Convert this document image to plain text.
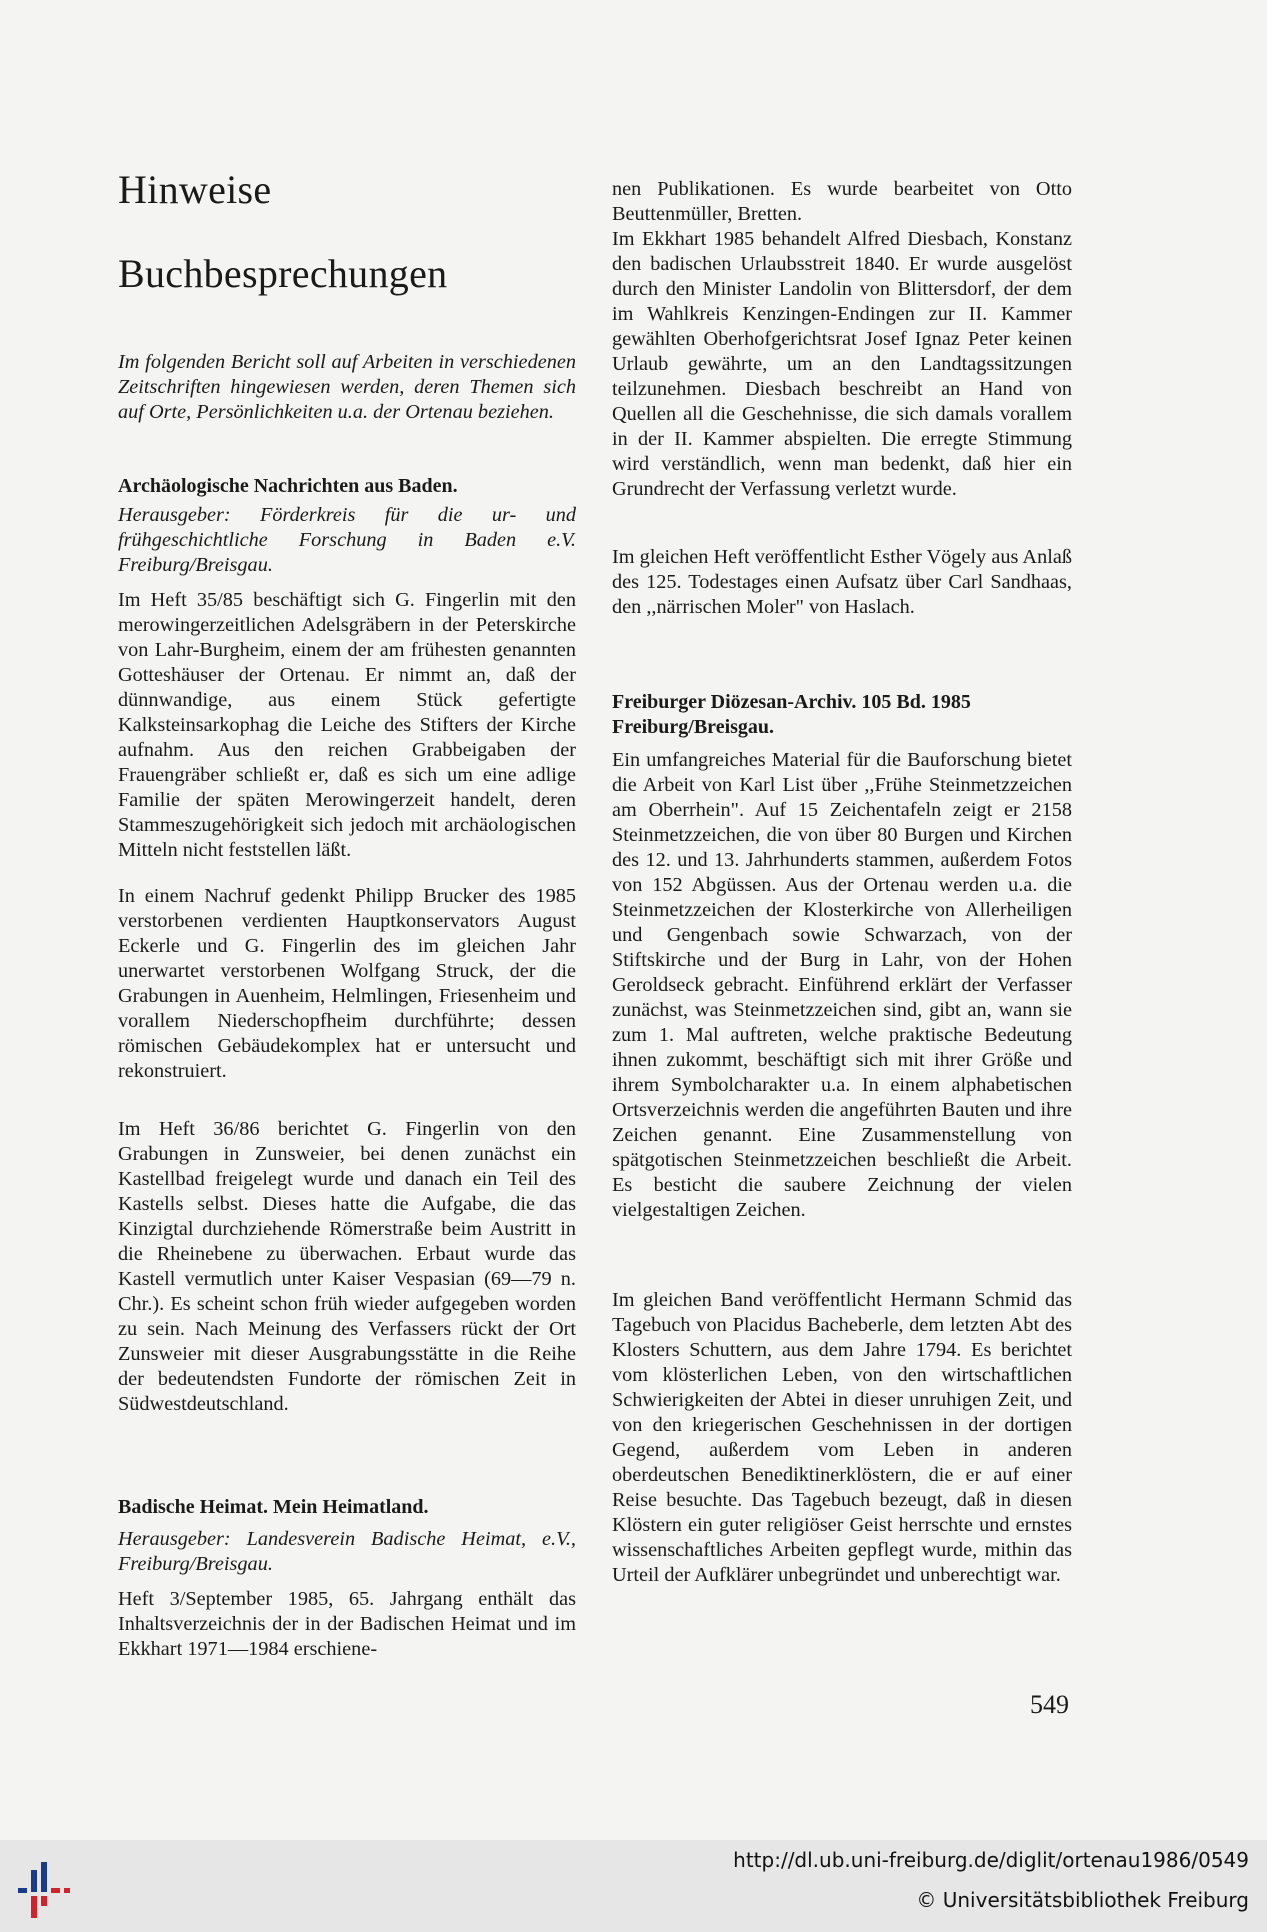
Hinweise
Buchbesprechungen

Im folgenden Bericht soll auf Arbeiten in verschiedenen Zeitschriften hingewiesen werden, deren Themen sich auf Orte, Persönlichkeiten u.a. der Ortenau beziehen.

Archäologische Nachrichten aus Baden.

Herausgeber: Förderkreis für die ur- und frühgeschichtliche Forschung in Baden e.V. Freiburg/Breisgau.

Im Heft 35/85 beschäftigt sich G. Fingerlin mit den merowingerzeitlichen Adelsgräbern in der Peterskirche von Lahr-Burgheim, einem der am frühesten genannten Gotteshäuser der Ortenau. Er nimmt an, daß der dünnwandige, aus einem Stück gefertigte Kalksteinsarkophag die Leiche des Stifters der Kirche aufnahm. Aus den reichen Grabbeigaben der Frauengräber schließt er, daß es sich um eine adlige Familie der späten Merowingerzeit handelt, deren Stammeszugehörigkeit sich jedoch mit archäologischen Mitteln nicht feststellen läßt.

In einem Nachruf gedenkt Philipp Brucker des 1985 verstorbenen verdienten Hauptkonservators August Eckerle und G. Fingerlin des im gleichen Jahr unerwartet verstorbenen Wolfgang Struck, der die Grabungen in Auenheim, Helmlingen, Friesenheim und vorallem Niederschopfheim durchführte; dessen römischen Gebäudekomplex hat er untersucht und rekonstruiert.

Im Heft 36/86 berichtet G. Fingerlin von den Grabungen in Zunsweier, bei denen zunächst ein Kastellbad freigelegt wurde und danach ein Teil des Kastells selbst. Dieses hatte die Aufgabe, die das Kinzigtal durchziehende Römerstraße beim Austritt in die Rheinebene zu überwachen. Erbaut wurde das Kastell vermutlich unter Kaiser Vespasian (69—79 n. Chr.). Es scheint schon früh wieder aufgegeben worden zu sein. Nach Meinung des Verfassers rückt der Ort Zunsweier mit dieser Ausgrabungsstätte in die Reihe der bedeutendsten Fundorte der römischen Zeit in Südwestdeutschland.

Badische Heimat. Mein Heimatland.

Herausgeber: Landesverein Badische Heimat, e.V., Freiburg/Breisgau.

Heft 3/September 1985, 65. Jahrgang enthält das Inhaltsverzeichnis der in der Badischen Heimat und im Ekkhart 1971—1984 erschiene-

nen Publikationen. Es wurde bearbeitet von Otto Beuttenmüller, Bretten.

Im Ekkhart 1985 behandelt Alfred Diesbach, Konstanz den badischen Urlaubsstreit 1840. Er wurde ausgelöst durch den Minister Landolin von Blittersdorf, der dem im Wahlkreis Kenzingen-Endingen zur II. Kammer gewählten Oberhofgerichtsrat Josef Ignaz Peter keinen Urlaub gewährte, um an den Landtagssitzungen teilzunehmen. Diesbach beschreibt an Hand von Quellen all die Geschehnisse, die sich damals vorallem in der II. Kammer abspielten. Die erregte Stimmung wird verständlich, wenn man bedenkt, daß hier ein Grundrecht der Verfassung verletzt wurde.

Im gleichen Heft veröffentlicht Esther Vögely aus Anlaß des 125. Todestages einen Aufsatz über Carl Sandhaas, den ,,närrischen Moler" von Haslach.

Freiburger Diözesan-Archiv. 105 Bd. 1985 Freiburg/Breisgau.

Ein umfangreiches Material für die Bauforschung bietet die Arbeit von Karl List über ,,Frühe Steinmetzzeichen am Oberrhein". Auf 15 Zeichentafeln zeigt er 2158 Steinmetzzeichen, die von über 80 Burgen und Kirchen des 12. und 13. Jahrhunderts stammen, außerdem Fotos von 152 Abgüssen. Aus der Ortenau werden u.a. die Steinmetzzeichen der Klosterkirche von Allerheiligen und Gengenbach sowie Schwarzach, von der Stiftskirche und der Burg in Lahr, von der Hohen Geroldseck gebracht. Einführend erklärt der Verfasser zunächst, was Steinmetzzeichen sind, gibt an, wann sie zum 1. Mal auftreten, welche praktische Bedeutung ihnen zukommt, beschäftigt sich mit ihrer Größe und ihrem Symbolcharakter u.a. In einem alphabetischen Ortsverzeichnis werden die angeführten Bauten und ihre Zeichen genannt. Eine Zusammenstellung von spätgotischen Steinmetzzeichen beschließt die Arbeit. Es besticht die saubere Zeichnung der vielen vielgestaltigen Zeichen.

Im gleichen Band veröffentlicht Hermann Schmid das Tagebuch von Placidus Bacheberle, dem letzten Abt des Klosters Schuttern, aus dem Jahre 1794. Es berichtet vom klösterlichen Leben, von den wirtschaftlichen Schwierigkeiten der Abtei in dieser unruhigen Zeit, und von den kriegerischen Geschehnissen in der dortigen Gegend, außerdem vom Leben in anderen oberdeutschen Benediktinerklöstern, die er auf einer Reise besuchte. Das Tagebuch bezeugt, daß in diesen Klöstern ein guter religiöser Geist herrschte und ernstes wissenschaftliches Arbeiten gepflegt wurde, mithin das Urteil der Aufklärer unbegründet und unberechtigt war.

549
http://dl.ub.uni-freiburg.de/diglit/ortenau1986/0549
© Universitätsbibliothek Freiburg
